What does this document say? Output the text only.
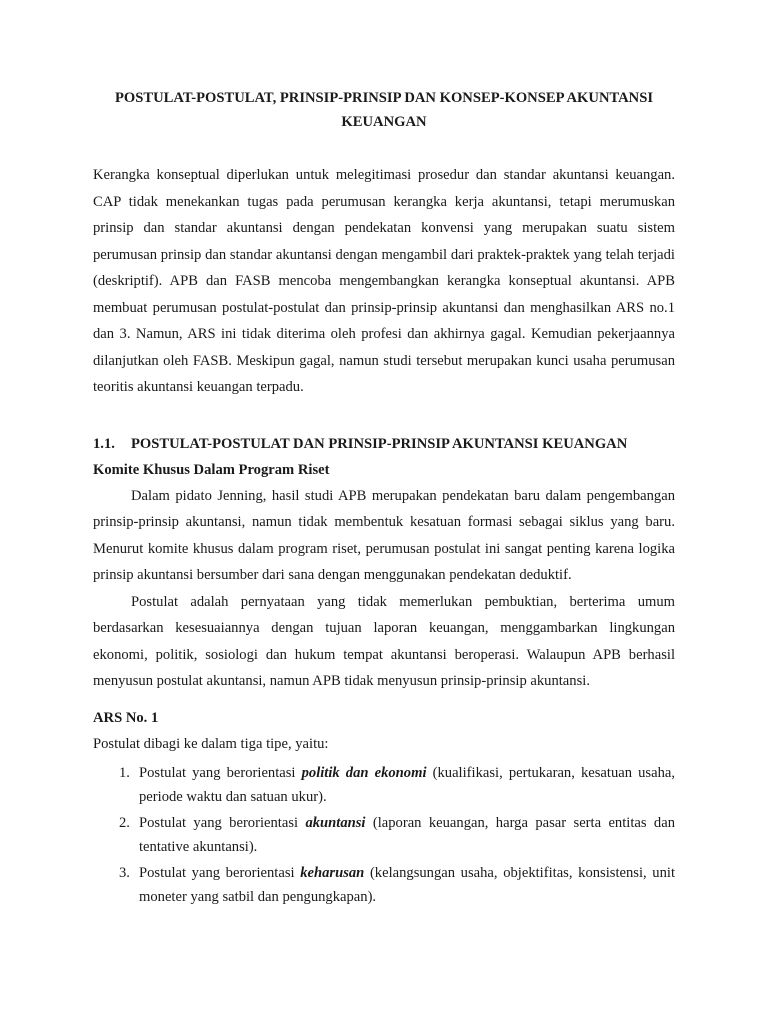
POSTULAT-POSTULAT, PRINSIP-PRINSIP DAN KONSEP-KONSEP AKUNTANSI
KEUANGAN

Kerangka konseptual diperlukan untuk melegitimasi prosedur dan standar akuntansi keuangan. CAP tidak menekankan tugas pada perumusan kerangka kerja akuntansi, tetapi merumuskan prinsip dan standar akuntansi dengan pendekatan konvensi yang merupakan suatu sistem perumusan prinsip dan standar akuntansi dengan mengambil dari praktek-praktek yang telah terjadi (deskriptif). APB dan FASB mencoba mengembangkan kerangka konseptual akuntansi. APB membuat perumusan postulat-postulat dan prinsip-prinsip akuntansi dan menghasilkan ARS no.1 dan 3. Namun, ARS ini tidak diterima oleh profesi dan akhirnya gagal. Kemudian pekerjaannya dilanjutkan oleh FASB. Meskipun gagal, namun studi tersebut merupakan kunci usaha perumusan teoritis akuntansi keuangan terpadu.

1.1.	POSTULAT-POSTULAT DAN PRINSIP-PRINSIP AKUNTANSI KEUANGAN

Komite Khusus Dalam Program Riset

Dalam pidato Jenning, hasil studi APB merupakan pendekatan baru dalam pengembangan prinsip-prinsip akuntansi, namun tidak membentuk kesatuan formasi sebagai siklus yang baru. Menurut komite khusus dalam program riset, perumusan postulat ini sangat penting karena logika prinsip akuntansi bersumber dari sana dengan menggunakan pendekatan deduktif.

Postulat adalah pernyataan yang tidak memerlukan pembuktian, berterima umum berdasarkan kesesuaiannya dengan tujuan laporan keuangan, menggambarkan lingkungan ekonomi, politik, sosiologi dan hukum tempat akuntansi beroperasi. Walaupun APB berhasil menyusun postulat akuntansi, namun APB tidak menyusun prinsip-prinsip akuntansi.

ARS No. 1

Postulat dibagi ke dalam tiga tipe, yaitu:

1. Postulat yang berorientasi politik dan ekonomi (kualifikasi, pertukaran, kesatuan usaha, periode waktu dan satuan ukur).
2. Postulat yang berorientasi akuntansi (laporan keuangan, harga pasar serta entitas dan tentative akuntansi).
3. Postulat yang berorientasi keharusan (kelangsungan usaha, objektifitas, konsistensi, unit moneter yang satbil dan pengungkapan).
